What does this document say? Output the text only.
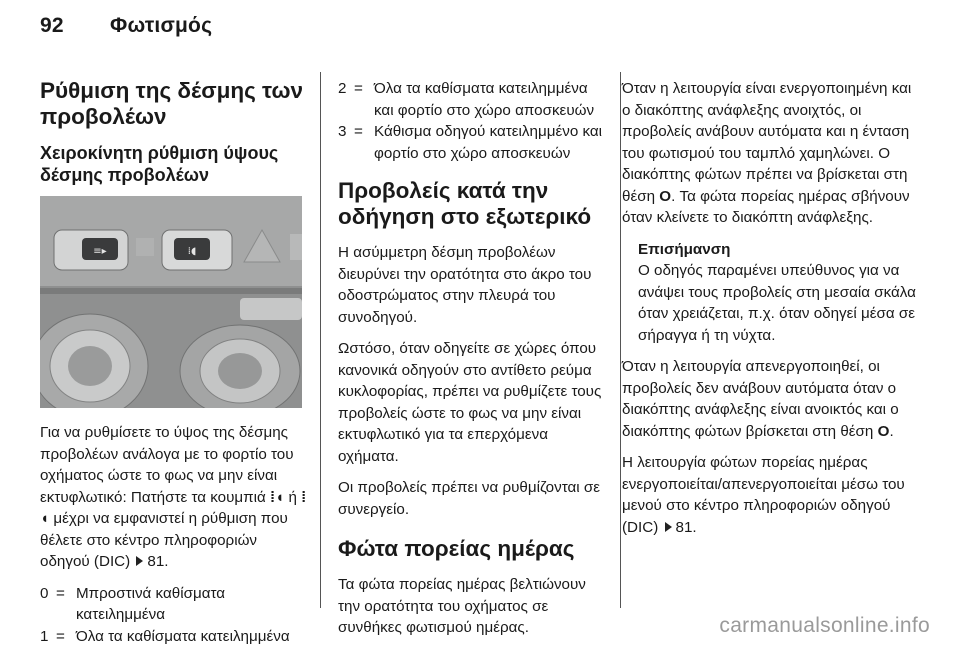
92 Φωτισμός
Ρύθμιση της δέσμης των προβολέων
Χειροκίνητη ρύθμιση ύψους δέσμης προβολέων
≡▸	⁞◖

Για να ρυθμίσετε το ύψος της δέσμης προβολέων ανάλογα με το φορτίο του οχήματος ώστε το φως να μην είναι εκτυφλωτικό: Πατήστε τα κουμπιά ⁞◖ ή ⁞◖ μέχρι να εμφανιστεί η ρύθμιση που θέλετε στο κέντρο πληροφοριών οδηγού (DIC) 81.

0 = Μπροστινά καθίσματα κατειλημμένα
1 = Όλα τα καθίσματα κατειλημμένα
2 = Όλα τα καθίσματα κατειλημμένα και φορτίο στο χώρο αποσκευών
3 = Κάθισμα οδηγού κατειλημμένο και φορτίο στο χώρο αποσκευών
Προβολείς κατά την οδήγηση στο εξωτερικό

Η ασύμμετρη δέσμη προβολέων διευρύνει την ορατότητα στο άκρο του οδοστρώματος στην πλευρά του συνοδηγού.

Ωστόσο, όταν οδηγείτε σε χώρες όπου κανονικά οδηγούν στο αντίθετο ρεύμα κυκλοφορίας, πρέπει να ρυθμίζετε τους προβολείς ώστε το φως να μην είναι εκτυφλωτικό για τα επερχόμενα οχήματα.

Οι προβολείς πρέπει να ρυθμίζονται σε συνεργείο.

Φώτα πορείας ημέρας

Τα φώτα πορείας ημέρας βελτιώνουν την ορατότητα του οχήματος σε συνθήκες φωτισμού ημέρας.

Όταν η λειτουργία είναι ενεργοποιημένη και ο διακόπτης ανάφλεξης ανοιχτός, οι προβολείς ανάβουν αυτόματα και η ένταση του φωτισμού του ταμπλό χαμηλώνει. Ο διακόπτης φώτων πρέπει να βρίσκεται στη θέση O. Τα φώτα πορείας ημέρας σβήνουν όταν κλείνετε το διακόπτη ανάφλεξης.

Επισήμανση
Ο οδηγός παραμένει υπεύθυνος για να ανάψει τους προβολείς στη μεσαία σκάλα όταν χρειάζεται, π.χ. όταν οδηγεί μέσα σε σήραγγα ή τη νύχτα.

Όταν η λειτουργία απενεργοποιηθεί, οι προβολείς δεν ανάβουν αυτόματα όταν ο διακόπτης ανάφλεξης είναι ανοικτός και ο διακόπτης φώτων βρίσκεται στη θέση O.

Η λειτουργία φώτων πορείας ημέρας ενεργοποιείται/απενεργοποιείται μέσω του μενού στο κέντρο πληροφοριών οδηγού (DIC) 81.

carmanualsonline.info
